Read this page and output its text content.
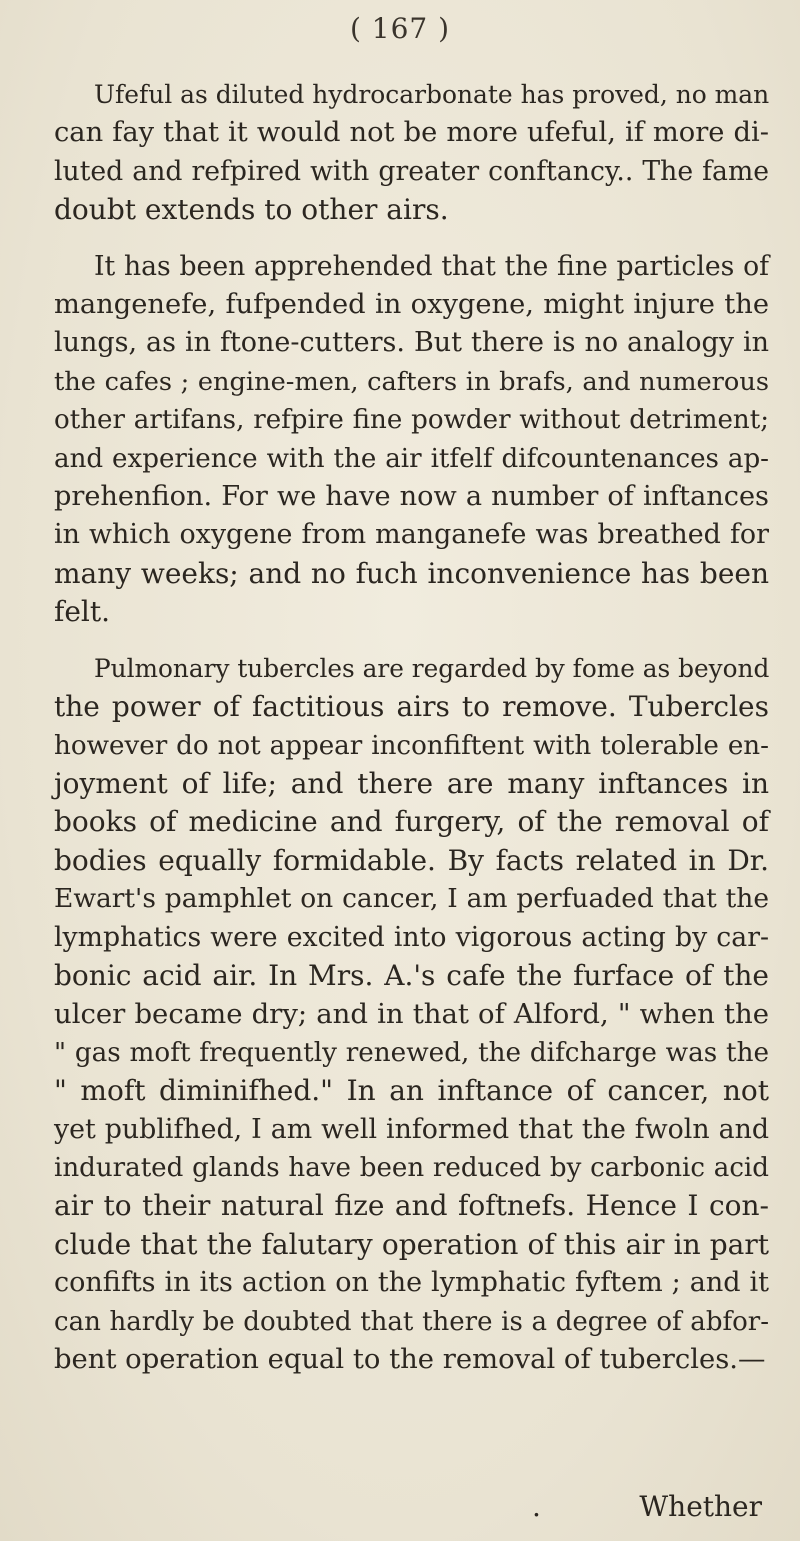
( 167 )

Ufeful as diluted hydrocarbonate has proved, no man
can fay that it would not be more ufeful, if more di-
luted and refpired with greater conftancy.. The fame
doubt extends to other airs.

It has been apprehended that the fine particles of
mangenefe, fufpended in oxygene, might injure the
lungs, as in ftone-cutters. But there is no analogy in
the cafes ; engine-men, cafters in brafs, and numerous
other artifans, refpire fine powder without detriment;
and experience with the air itfelf difcountenances ap-
prehenfion. For we have now a number of inftances
in which oxygene from manganefe was breathed for
many weeks; and no fuch inconvenience has been
felt.

Pulmonary tubercles are regarded by fome as beyond
the power of factitious airs to remove. Tubercles
however do not appear inconfiftent with tolerable en-
joyment of life; and there are many inftances in
books of medicine and furgery, of the removal of
bodies equally formidable. By facts related in Dr.
Ewart's pamphlet on cancer, I am perfuaded that the
lymphatics were excited into vigorous acting by car-
bonic acid air. In Mrs. A.'s cafe the furface of the
ulcer became dry; and in that of Alford, " when the
" gas moft frequently renewed, the difcharge was the
" moft diminifhed." In an inftance of cancer, not
yet publifhed, I am well informed that the fwoln and
indurated glands have been reduced by carbonic acid
air to their natural fize and foftnefs. Hence I con-
clude that the falutary operation of this air in part
confifts in its action on the lymphatic fyftem ; and it
can hardly be doubted that there is a degree of abfor-
bent operation equal to the removal of tubercles.—

.	Whether
